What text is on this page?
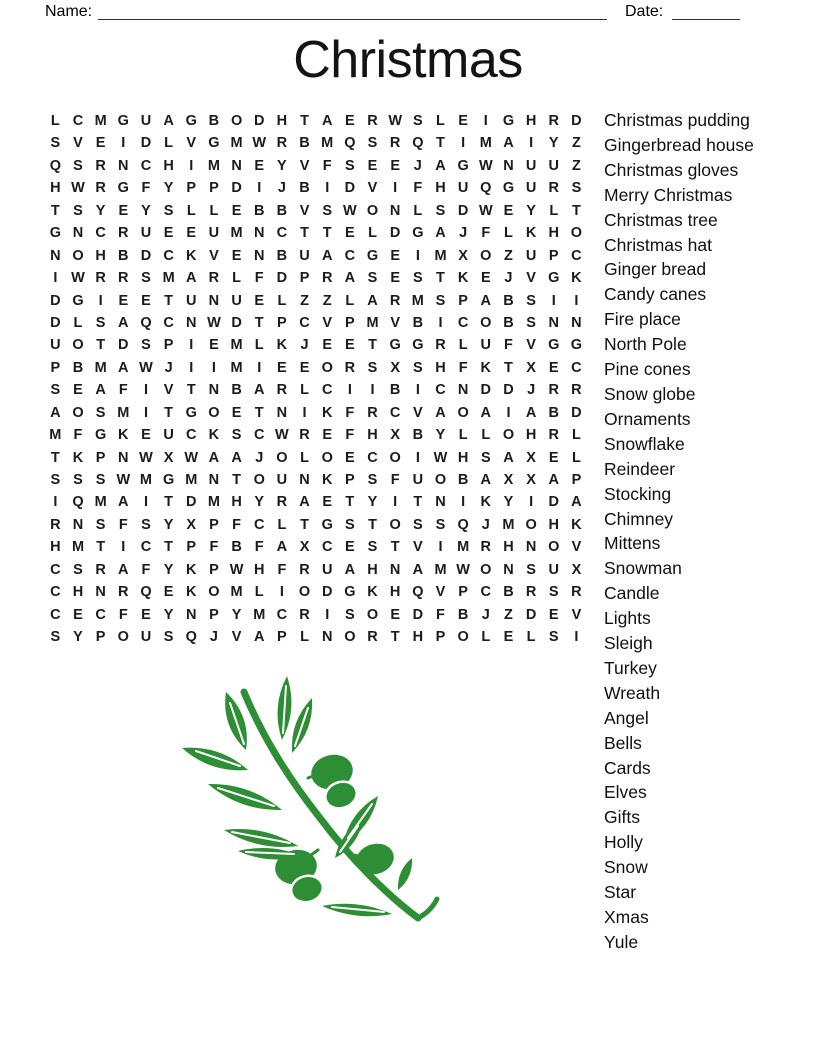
Name:	Date:
Christmas
L C M G U A G B O D H T A E R W S L E	I	G H R D
S V E	I	D L V G M W R B M Q S R Q T	I	M A	I	Y Z
Q S R N C H	I	M N E Y V F S E E J A G W N U U Z
H W R G F Y P P D	I	J B	I	D V	I	F H U Q G U R S
T S Y E Y S L L E B B V S W O N L S D W E Y L T
G N C R U E E U M N C T T E L D G A J F L K H O
N O H B D C K V E N B U A C G E	I	M X O Z U P C
I W R R S M A R L F D P R A S E S T K E J V G K
D G	I	E E T U N U E L Z Z L A R M S P A B S	I	I
D L S A Q C N W D T P C V P M V B	I	C O B S N N
U O T D S P	I	E M L K J E E T G G R L U F V G G
P B M A W J	I	I	M	I	E E O R S X S H F K T X E C
S E A F	I	V T N B A R L C	I	I	B	I	C N D D J R R
A O S M	I	T G O E T N	I	K F R C V A O A	I	A B D
M F G K E U C K S C W R E F H X B Y L L O H R L
T K P N W X W A A J O L O E C O	I W H S A X E L
S S S W M G M N T O U N K P S F U O B A X X A P
I	Q M A	I	T D M H Y R A E T Y	I	T N	I	K Y	I	D A
R N S F S Y X P F C L T G S T O S S Q J M O H K
H M T	I	C T P F B F A X C E S T V	I	M R H N O V
C S R A F Y K P W H F R U A H N A M W O N S U X
C H N R Q E K O M L	I	O D G K H Q V P C B R S R
C E C F E Y N P Y M C R	I	S O E D F B J Z D E V
S Y P O U S Q J V A P L N O R T H P O L E L S	I
Christmas pudding
Gingerbread house
Christmas gloves
Merry Christmas
Christmas tree
Christmas hat
Ginger bread
Candy canes
Fire place
North Pole
Pine cones
Snow globe
Ornaments
Snowflake
Reindeer
Stocking
Chimney
Mittens
Snowman
Candle
Lights
Sleigh
Turkey
Wreath
Angel
Bells
Cards
Elves
Gifts
Holly
Snow
Star
Xmas
Yule
